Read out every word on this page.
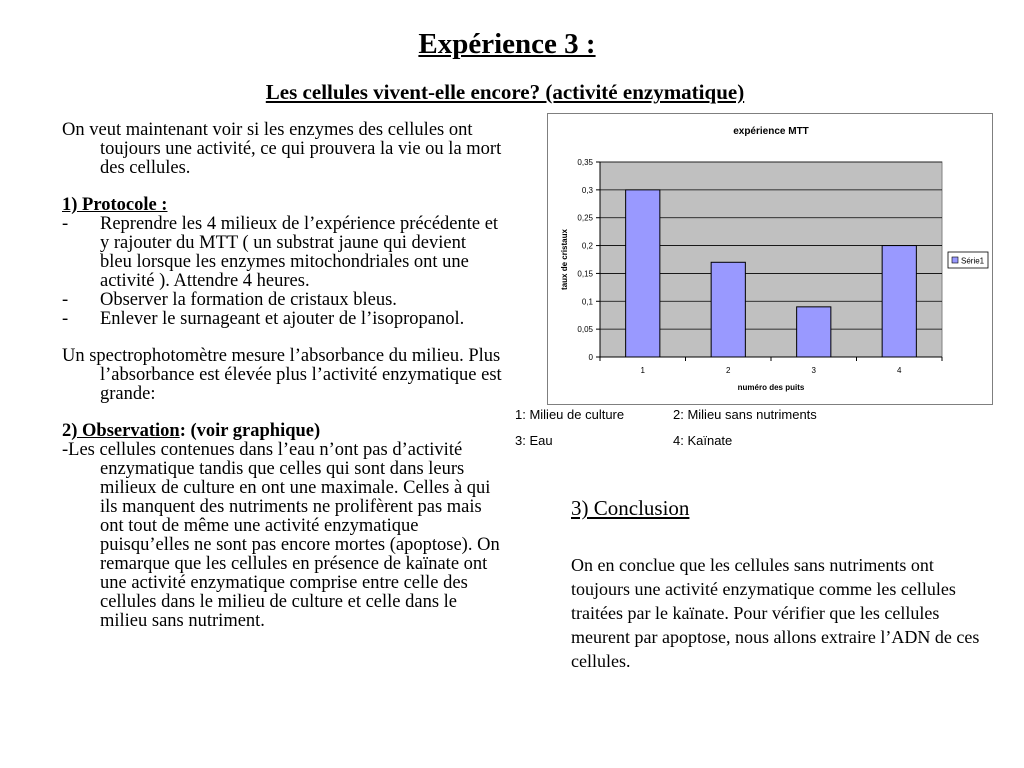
Expérience 3 :
Les cellules vivent-elle encore? (activité enzymatique)

On veut maintenant voir si les enzymes des cellules ont toujours une activité, ce qui prouvera la vie ou la mort des cellules.

1) Protocole :

-	Reprendre les 4 milieux de l’expérience précédente et y rajouter du MTT ( un substrat jaune qui devient bleu lorsque les enzymes mitochondriales ont une activité ). Attendre 4 heures.
-	Observer la formation de cristaux bleus.
-	Enlever le surnageant et ajouter de l’isopropanol.

Un spectrophotomètre mesure l’absorbance du milieu. Plus l’absorbance est élevée plus l’activité enzymatique est grande:

2) Observation: (voir graphique)

-Les cellules contenues dans l’eau n’ont pas d’activité enzymatique tandis que celles qui sont dans leurs milieux de culture en ont une maximale. Celles à qui ils manquent des nutriments ne prolifèrent pas mais ont tout de même une activité enzymatique puisqu’elles ne sont pas encore mortes (apoptose). On remarque que les cellules en présence de kaïnate ont une activité enzymatique comprise entre celle des cellules dans le milieu de culture et celle dans le milieu sans nutriment.

expérience MTT
0
0,05
0,1
0,15
0,2
0,25
0,3
0,35
1	2	3	4
numéro des puits
taux de cristaux	Série1
1: Milieu de culture	2: Milieu sans nutriments
3: Eau	4: Kaïnate
3) Conclusion
On en conclue que les cellules sans nutriments ont toujours une activité enzymatique comme les cellules traitées par le kaïnate. Pour vérifier que les cellules meurent par apoptose, nous allons extraire l’ADN de ces cellules.
